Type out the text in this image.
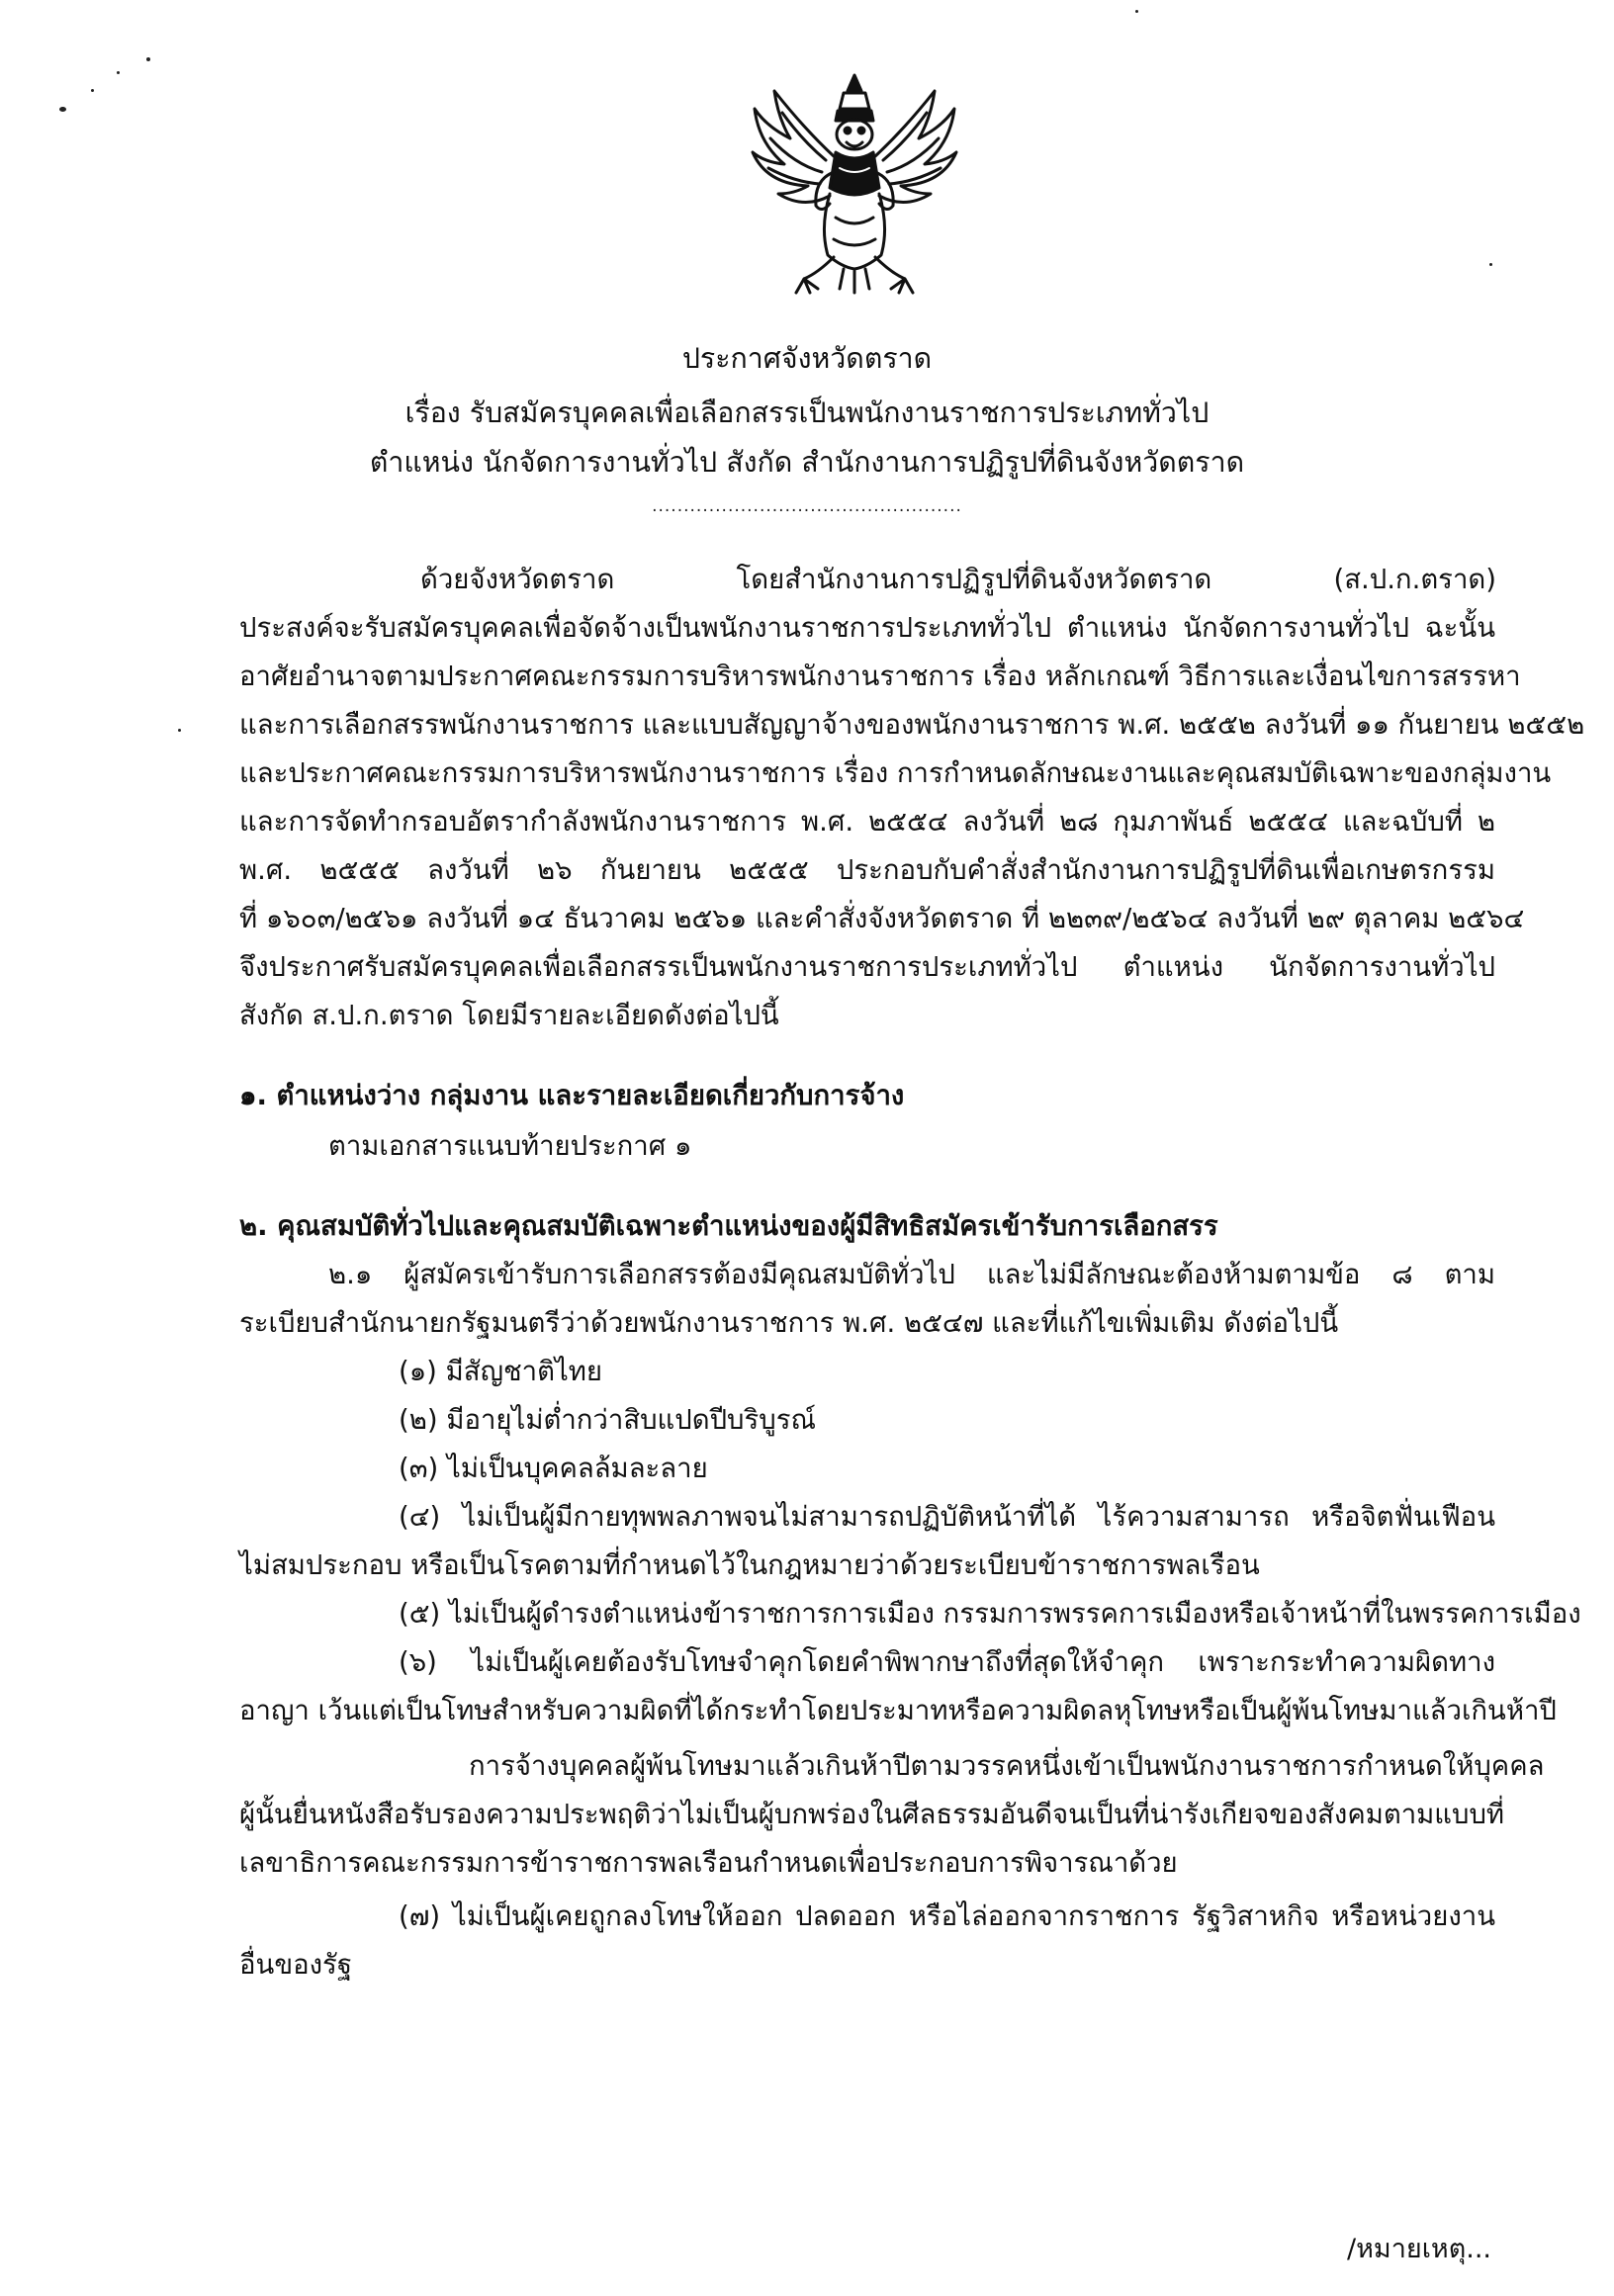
ประกาศจังหวัดตราด
เรื่อง รับสมัครบุคคลเพื่อเลือกสรรเป็นพนักงานราชการประเภททั่วไป
ตำแหน่ง นักจัดการงานทั่วไป สังกัด สำนักงานการปฏิรูปที่ดินจังหวัดตราด
.................................................
ด้วยจังหวัดตราด โดยสำนักงานการปฏิรูปที่ดินจังหวัดตราด (ส.ป.ก.ตราด)
ประสงค์จะรับสมัครบุคคลเพื่อจัดจ้างเป็นพนักงานราชการประเภททั่วไป ตำแหน่ง นักจัดการงานทั่วไป ฉะนั้น
อาศัยอำนาจตามประกาศคณะกรรมการบริหารพนักงานราชการ เรื่อง หลักเกณฑ์ วิธีการและเงื่อนไขการสรรหา
และการเลือกสรรพนักงานราชการ และแบบสัญญาจ้างของพนักงานราชการ พ.ศ. ๒๕๕๒ ลงวันที่ ๑๑ กันยายน ๒๕๕๒
และประกาศคณะกรรมการบริหารพนักงานราชการ เรื่อง การกำหนดลักษณะงานและคุณสมบัติเฉพาะของกลุ่มงาน
และการจัดทำกรอบอัตรากำลังพนักงานราชการ พ.ศ. ๒๕๕๔ ลงวันที่ ๒๘ กุมภาพันธ์ ๒๕๕๔ และฉบับที่ ๒
พ.ศ. ๒๕๕๕ ลงวันที่ ๒๖ กันยายน ๒๕๕๕ ประกอบกับคำสั่งสำนักงานการปฏิรูปที่ดินเพื่อเกษตรกรรม
ที่ ๑๖๐๓/๒๕๖๑ ลงวันที่ ๑๔ ธันวาคม ๒๕๖๑ และคำสั่งจังหวัดตราด ที่ ๒๒๓๙/๒๕๖๔ ลงวันที่ ๒๙ ตุลาคม ๒๕๖๔
จึงประกาศรับสมัครบุคคลเพื่อเลือกสรรเป็นพนักงานราชการประเภททั่วไป ตำแหน่ง นักจัดการงานทั่วไป
สังกัด ส.ป.ก.ตราด โดยมีรายละเอียดดังต่อไปนี้
๑. ตำแหน่งว่าง กลุ่มงาน และรายละเอียดเกี่ยวกับการจ้าง
ตามเอกสารแนบท้ายประกาศ ๑
๒. คุณสมบัติทั่วไปและคุณสมบัติเฉพาะตำแหน่งของผู้มีสิทธิสมัครเข้ารับการเลือกสรร
๒.๑ ผู้สมัครเข้ารับการเลือกสรรต้องมีคุณสมบัติทั่วไป และไม่มีลักษณะต้องห้ามตามข้อ ๘ ตาม
ระเบียบสำนักนายกรัฐมนตรีว่าด้วยพนักงานราชการ พ.ศ. ๒๕๔๗ และที่แก้ไขเพิ่มเติม ดังต่อไปนี้
(๑) มีสัญชาติไทย
(๒) มีอายุไม่ต่ำกว่าสิบแปดปีบริบูรณ์
(๓) ไม่เป็นบุคคลล้มละลาย
(๔) ไม่เป็นผู้มีกายทุพพลภาพจนไม่สามารถปฏิบัติหน้าที่ได้ ไร้ความสามารถ หรือจิตฟั่นเฟือน
ไม่สมประกอบ หรือเป็นโรคตามที่กำหนดไว้ในกฎหมายว่าด้วยระเบียบข้าราชการพลเรือน
(๕) ไม่เป็นผู้ดำรงตำแหน่งข้าราชการการเมือง กรรมการพรรคการเมืองหรือเจ้าหน้าที่ในพรรคการเมือง
(๖) ไม่เป็นผู้เคยต้องรับโทษจำคุกโดยคำพิพากษาถึงที่สุดให้จำคุก เพราะกระทำความผิดทาง
อาญา เว้นแต่เป็นโทษสำหรับความผิดที่ได้กระทำโดยประมาทหรือความผิดลหุโทษหรือเป็นผู้พ้นโทษมาแล้วเกินห้าปี
การจ้างบุคคลผู้พ้นโทษมาแล้วเกินห้าปีตามวรรคหนึ่งเข้าเป็นพนักงานราชการกำหนดให้บุคคล
ผู้นั้นยื่นหนังสือรับรองความประพฤติว่าไม่เป็นผู้บกพร่องในศีลธรรมอันดีจนเป็นที่น่ารังเกียจของสังคมตามแบบที่
เลขาธิการคณะกรรมการข้าราชการพลเรือนกำหนดเพื่อประกอบการพิจารณาด้วย
(๗) ไม่เป็นผู้เคยถูกลงโทษให้ออก ปลดออก หรือไล่ออกจากราชการ รัฐวิสาหกิจ หรือหน่วยงาน
อื่นของรัฐ
/หมายเหตุ...
